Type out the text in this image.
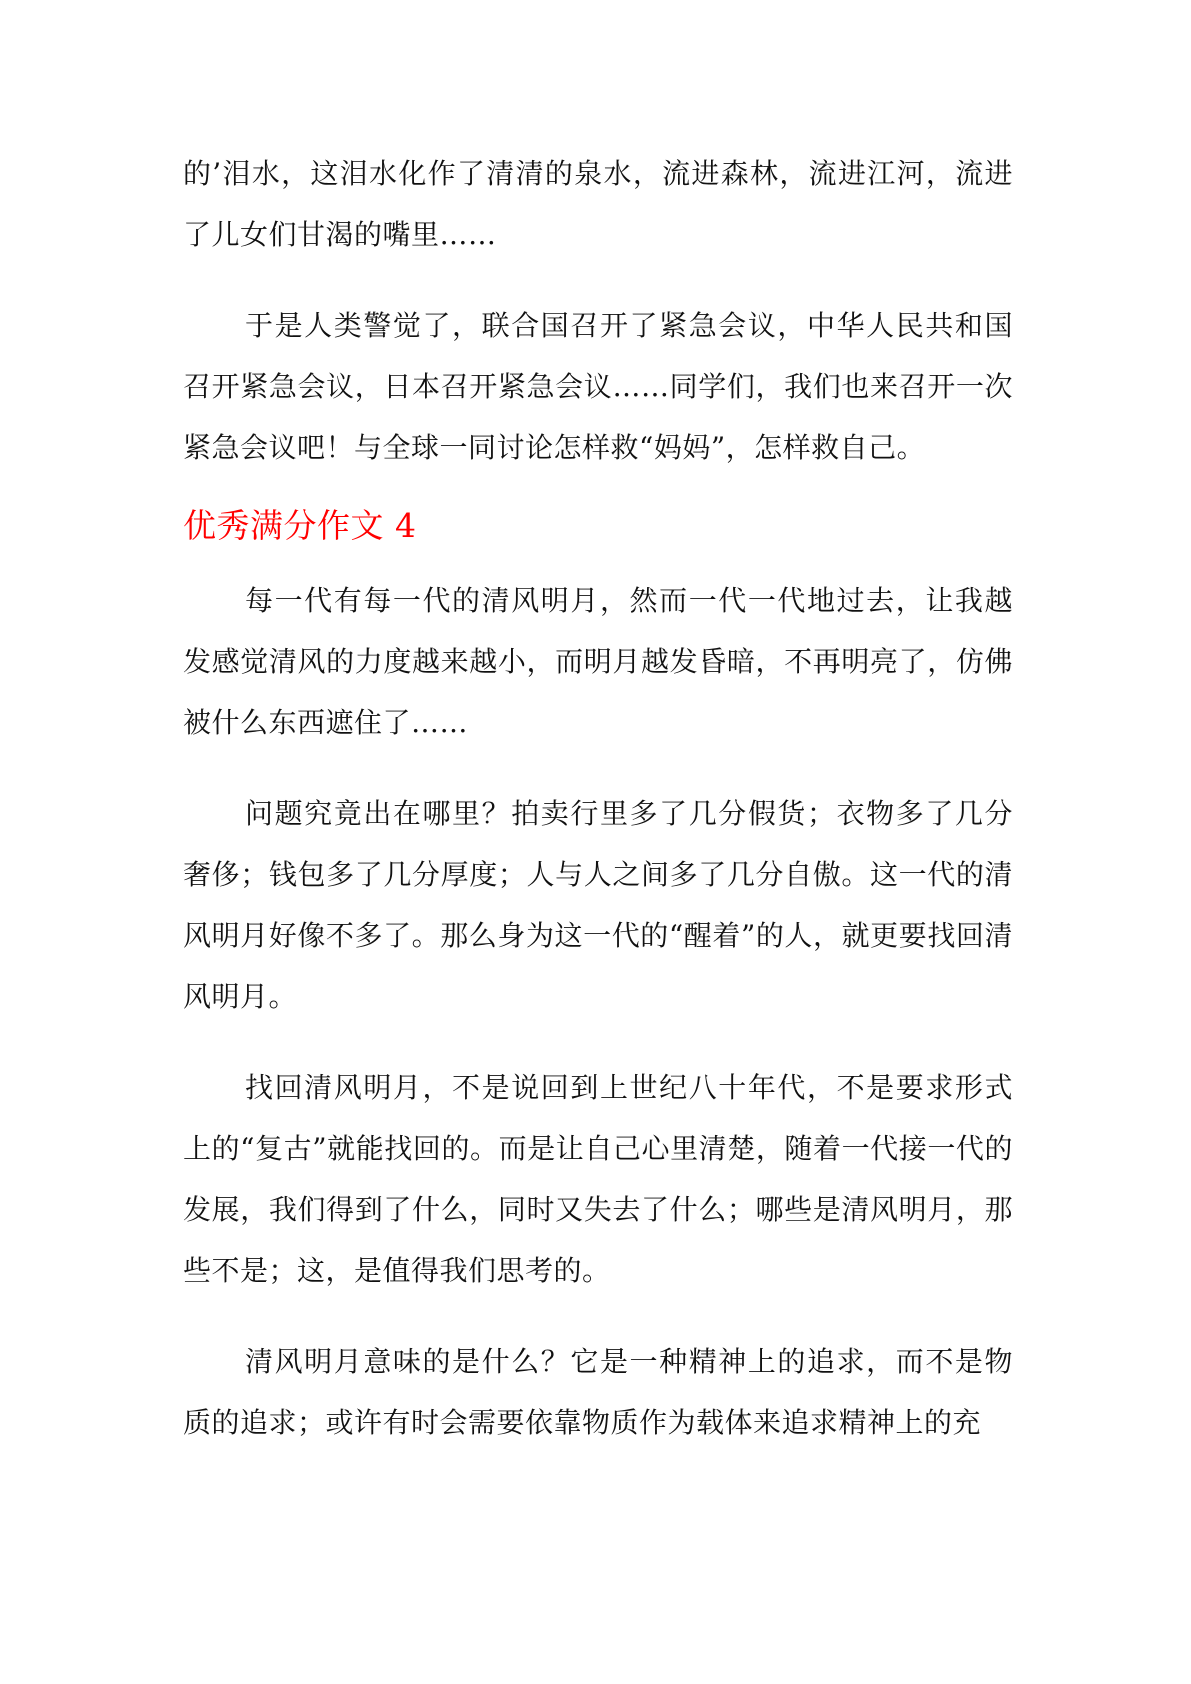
的’泪水，这泪水化作了清清的泉水，流进森林，流进江河，流进了儿女们甘渴的嘴里……

于是人类警觉了，联合国召开了紧急会议，中华人民共和国召开紧急会议，日本召开紧急会议……同学们，我们也来召开一次紧急会议吧！与全球一同讨论怎样救“妈妈”，怎样救自己。

优秀满分作文 4

每一代有每一代的清风明月，然而一代一代地过去，让我越发感觉清风的力度越来越小，而明月越发昏暗，不再明亮了，仿佛被什么东西遮住了……

问题究竟出在哪里？拍卖行里多了几分假货；衣物多了几分奢侈；钱包多了几分厚度；人与人之间多了几分自傲。这一代的清风明月好像不多了。那么身为这一代的“醒着”的人，就更要找回清风明月。

找回清风明月，不是说回到上世纪八十年代，不是要求形式上的“复古”就能找回的。而是让自己心里清楚，随着一代接一代的发展，我们得到了什么，同时又失去了什么；哪些是清风明月，那些不是；这，是值得我们思考的。

清风明月意味的是什么？它是一种精神上的追求，而不是物质的追求；或许有时会需要依靠物质作为载体来追求精神上的充
